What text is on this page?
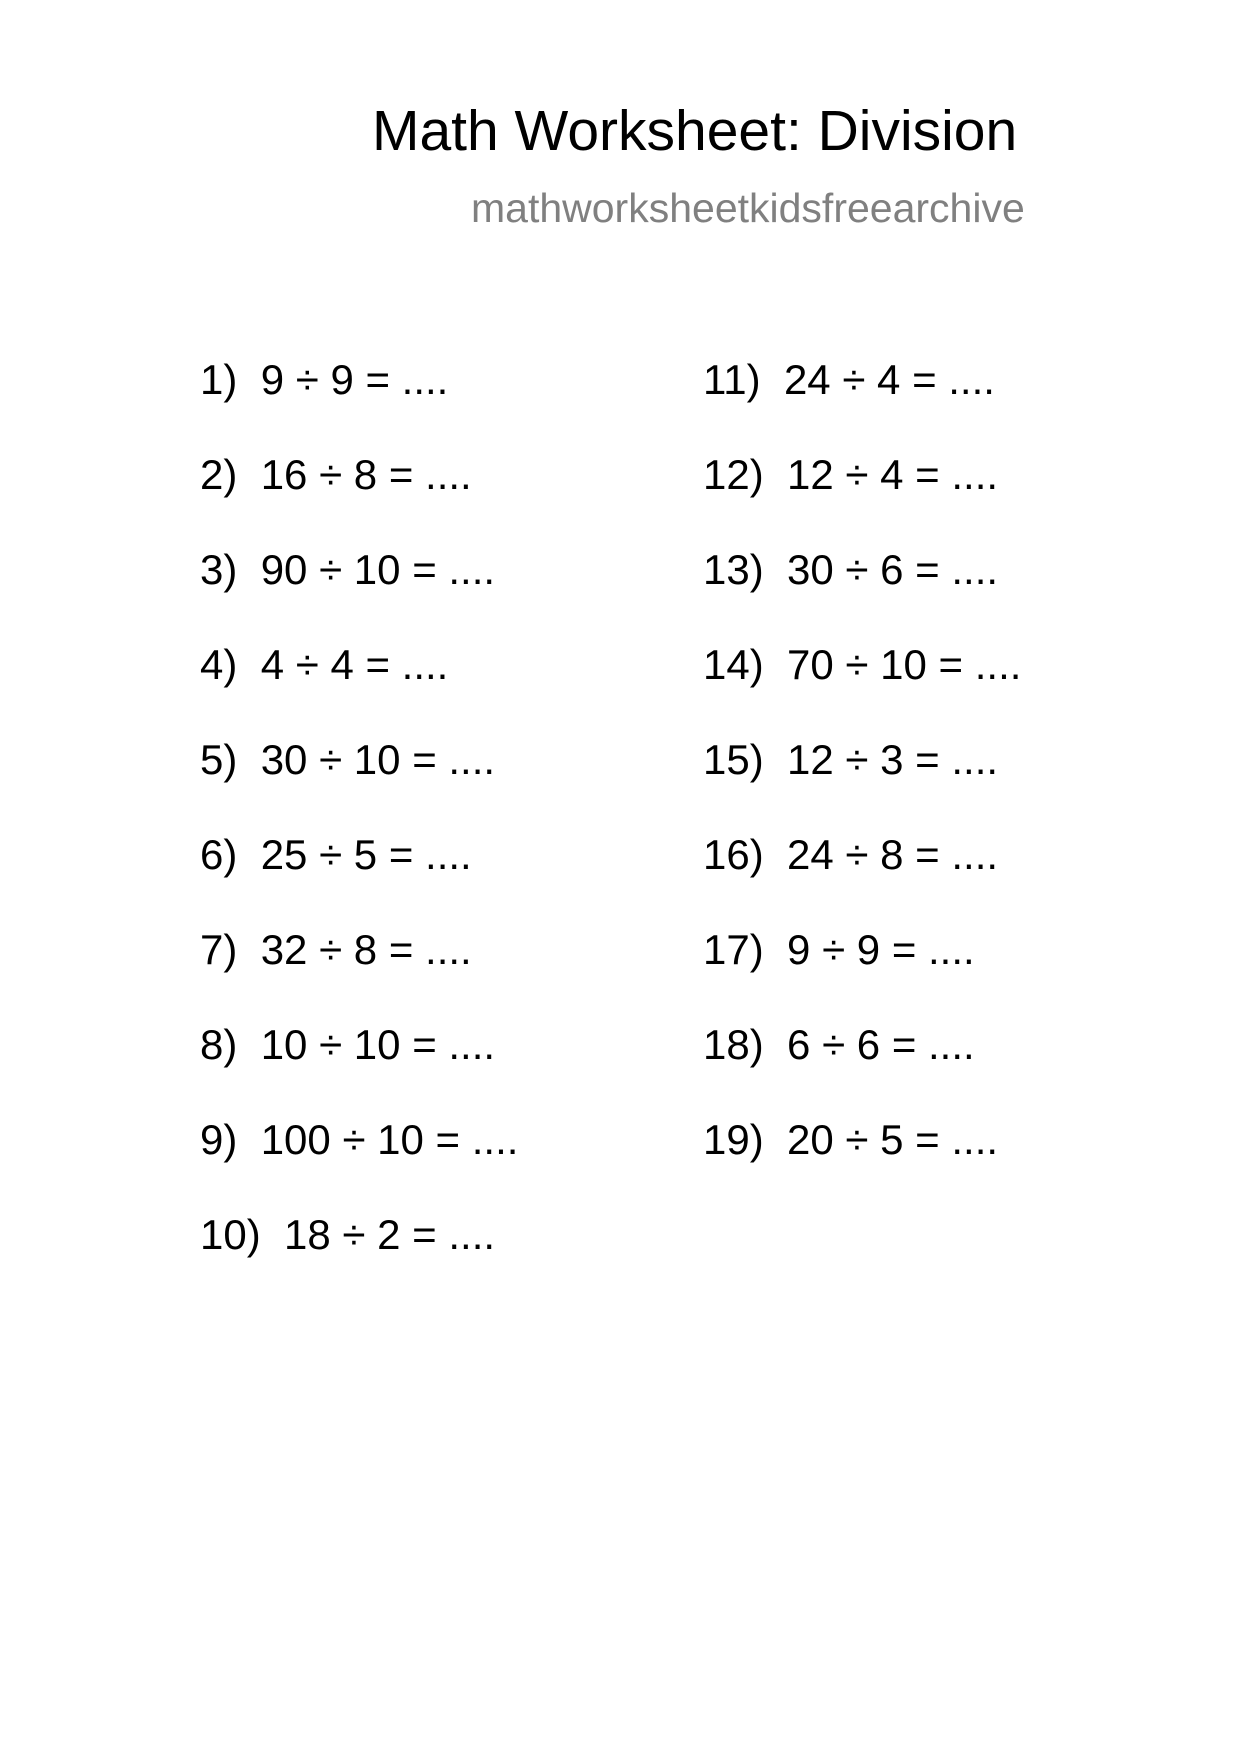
Math Worksheet: Division
mathworksheetkidsfreearchive
1) 9 ÷ 9 = ....
2) 16 ÷ 8 = ....
3) 90 ÷ 10 = ....
4) 4 ÷ 4 = ....
5) 30 ÷ 10 = ....
6) 25 ÷ 5 = ....
7) 32 ÷ 8 = ....
8) 10 ÷ 10 = ....
9) 100 ÷ 10 = ....
10) 18 ÷ 2 = ....
11) 24 ÷ 4 = ....
12) 12 ÷ 4 = ....
13) 30 ÷ 6 = ....
14) 70 ÷ 10 = ....
15) 12 ÷ 3 = ....
16) 24 ÷ 8 = ....
17) 9 ÷ 9 = ....
18) 6 ÷ 6 = ....
19) 20 ÷ 5 = ....
